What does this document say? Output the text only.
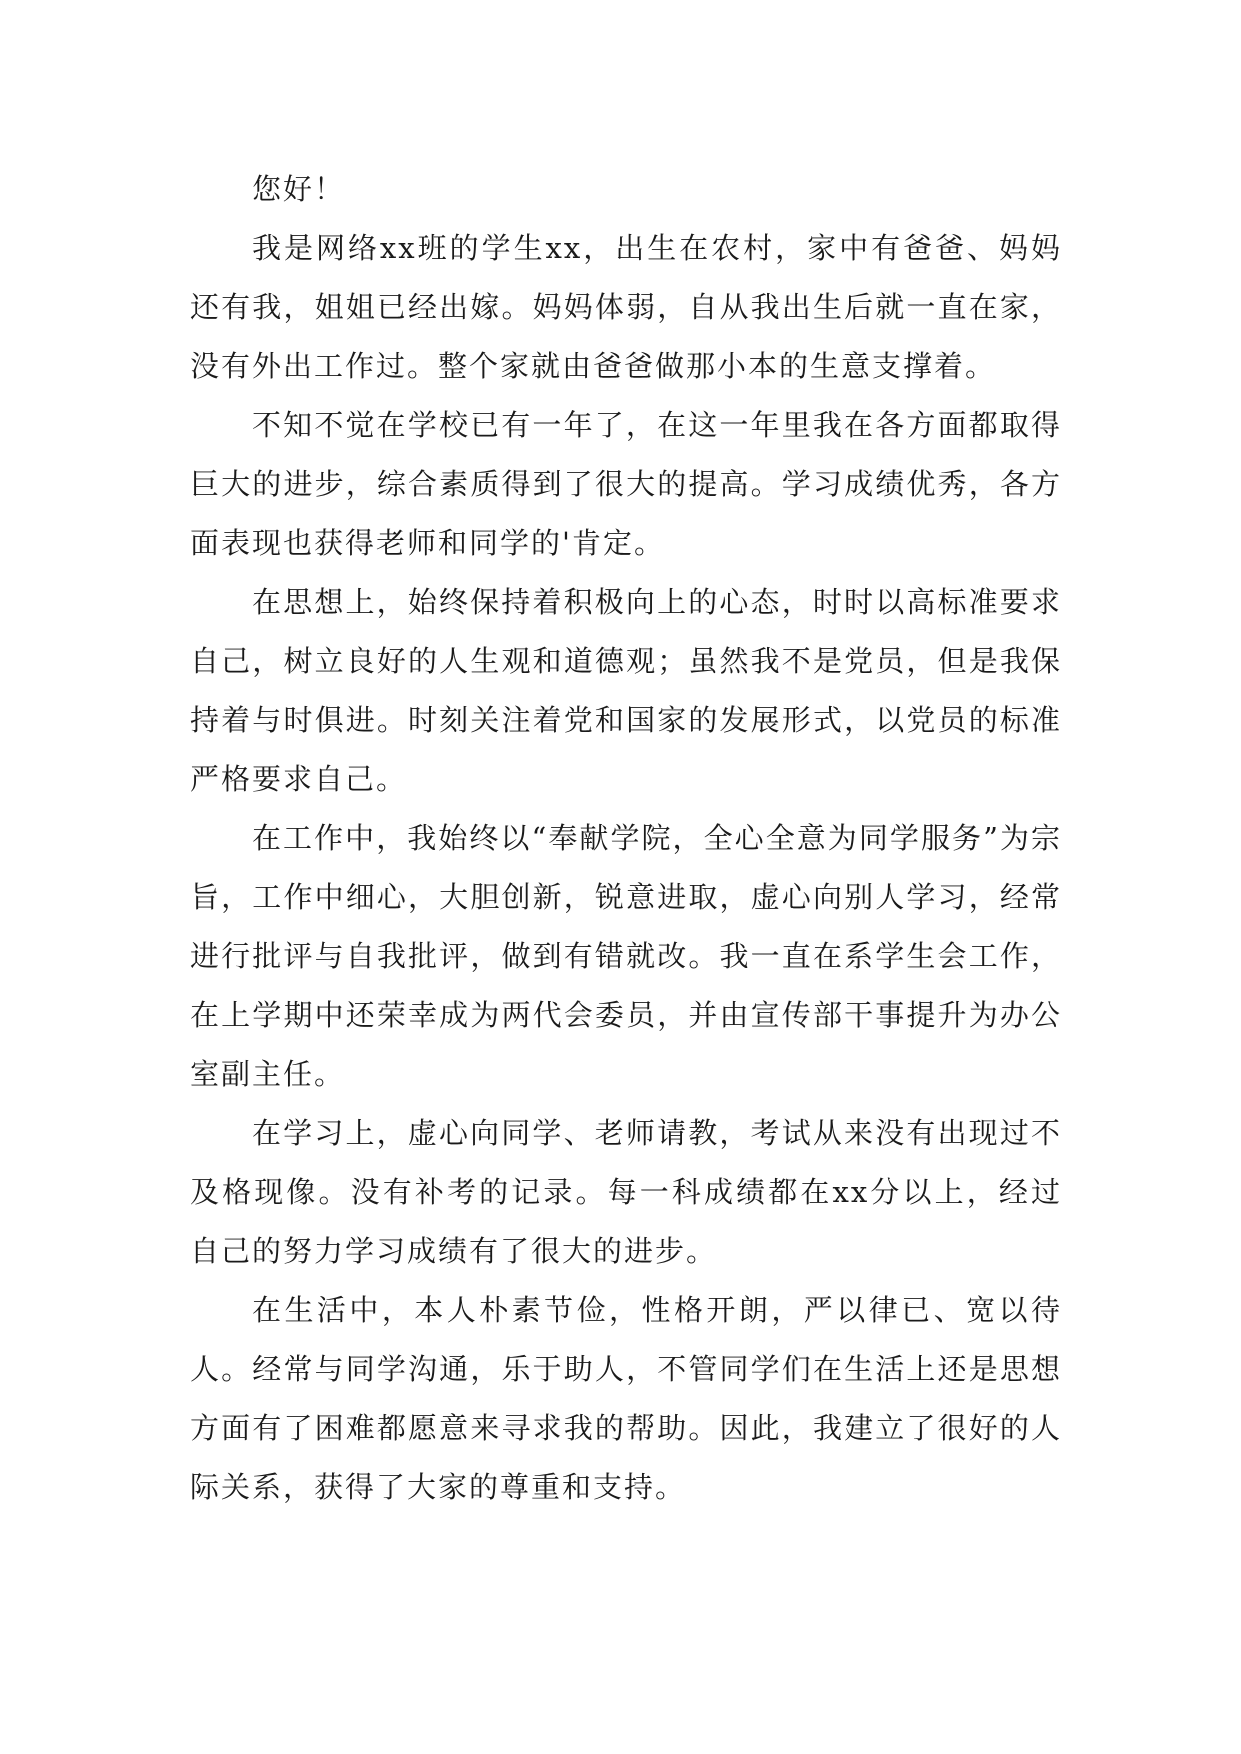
您好！

我是网络xx班的学生xx，出生在农村，家中有爸爸、妈妈还有我，姐姐已经出嫁。妈妈体弱，自从我出生后就一直在家，没有外出工作过。整个家就由爸爸做那小本的生意支撑着。

不知不觉在学校已有一年了，在这一年里我在各方面都取得巨大的进步，综合素质得到了很大的提高。学习成绩优秀，各方面表现也获得老师和同学的'肯定。

在思想上，始终保持着积极向上的心态，时时以高标准要求自己，树立良好的人生观和道德观；虽然我不是党员，但是我保持着与时俱进。时刻关注着党和国家的发展形式，以党员的标准严格要求自己。

在工作中，我始终以“奉献学院，全心全意为同学服务”为宗旨，工作中细心，大胆创新，锐意进取，虚心向别人学习，经常进行批评与自我批评，做到有错就改。我一直在系学生会工作，在上学期中还荣幸成为两代会委员，并由宣传部干事提升为办公室副主任。

在学习上，虚心向同学、老师请教，考试从来没有出现过不及格现像。没有补考的记录。每一科成绩都在xx分以上，经过自己的努力学习成绩有了很大的进步。

在生活中，本人朴素节俭，性格开朗，严以律已、宽以待人。经常与同学沟通，乐于助人，不管同学们在生活上还是思想方面有了困难都愿意来寻求我的帮助。因此，我建立了很好的人际关系，获得了大家的尊重和支持。
